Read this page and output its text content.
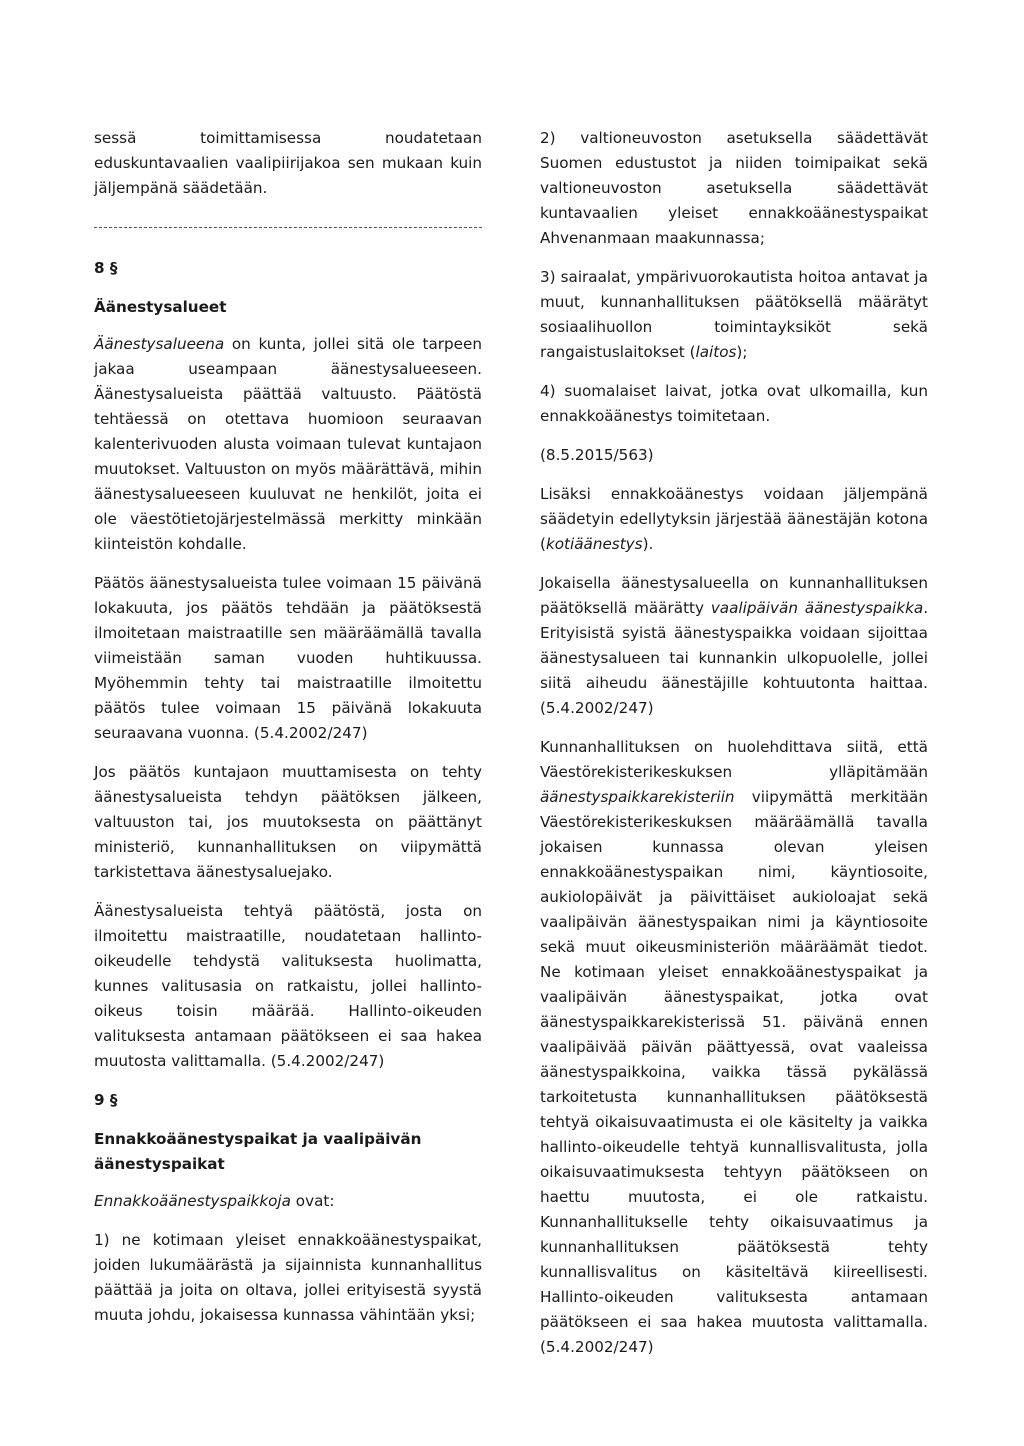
sessä toimittamisessa noudatetaan eduskuntavaalien vaalipiirijakoa sen mukaan kuin jäljempänä säädetään.

8 §
Äänestysalueet

Äänestysalueena on kunta, jollei sitä ole tarpeen jakaa useampaan äänestysalueeseen. Äänestysalueista päättää valtuusto. Päätöstä tehtäessä on otettava huomioon seuraavan kalenterivuoden alusta voimaan tulevat kuntajaon muutokset. Valtuuston on myös määrättävä, mihin äänestysalueeseen kuuluvat ne henkilöt, joita ei ole väestötietojärjestelmässä merkitty minkään kiinteistön kohdalle.

Päätös äänestysalueista tulee voimaan 15 päivänä lokakuuta, jos päätös tehdään ja päätöksestä ilmoitetaan maistraatille sen määräämällä tavalla viimeistään saman vuoden huhtikuussa. Myöhemmin tehty tai maistraatille ilmoitettu päätös tulee voimaan 15 päivänä lokakuuta seuraavana vuonna. (5.4.2002/247)

Jos päätös kuntajaon muuttamisesta on tehty äänestysalueista tehdyn päätöksen jälkeen, valtuuston tai, jos muutoksesta on päättänyt ministeriö, kunnanhallituksen on viipymättä tarkistettava äänestysaluejako.

Äänestysalueista tehtyä päätöstä, josta on ilmoitettu maistraatille, noudatetaan hallinto-oikeudelle tehdystä valituksesta huolimatta, kunnes valitusasia on ratkaistu, jollei hallinto-oikeus toisin määrää. Hallinto-oikeuden valituksesta antamaan päätökseen ei saa hakea muutosta valittamalla. (5.4.2002/247)

9 §
Ennakkoäänestyspaikat ja vaalipäivän äänestyspaikat

Ennakkoäänestyspaikkoja ovat:

1) ne kotimaan yleiset ennakkoäänestyspaikat, joiden lukumäärästä ja sijainnista kunnanhallitus päättää ja joita on oltava, jollei erityisestä syystä muuta johdu, jokaisessa kunnassa vähintään yksi;

2) valtioneuvoston asetuksella säädettävät Suomen edustustot ja niiden toimipaikat sekä valtioneuvoston asetuksella säädettävät kuntavaalien yleiset ennakkoäänestyspaikat Ahvenanmaan maakunnassa;

3) sairaalat, ympärivuorokautista hoitoa antavat ja muut, kunnanhallituksen päätöksellä määrätyt sosiaalihuollon toimintayksiköt sekä rangaistuslaitokset (laitos);

4) suomalaiset laivat, jotka ovat ulkomailla, kun ennakkoäänestys toimitetaan.

(8.5.2015/563)

Lisäksi ennakkoäänestys voidaan jäljempänä säädetyin edellytyksin järjestää äänestäjän kotona (kotiäänestys).

Jokaisella äänestysalueella on kunnanhallituksen päätöksellä määrätty vaalipäivän äänestyspaikka. Erityisistä syistä äänestyspaikka voidaan sijoittaa äänestysalueen tai kunnankin ulkopuolelle, jollei siitä aiheudu äänestäjille kohtuutonta haittaa. (5.4.2002/247)

Kunnanhallituksen on huolehdittava siitä, että Väestörekisterikeskuksen ylläpitämään äänestyspaikkarekisteriin viipymättä merkitään Väestörekisterikeskuksen määräämällä tavalla jokaisen kunnassa olevan yleisen ennakkoäänestyspaikan nimi, käyntiosoite, aukiolopäivät ja päivittäiset aukioloajat sekä vaalipäivän äänestyspaikan nimi ja käyntiosoite sekä muut oikeusministeriön määräämät tiedot. Ne kotimaan yleiset ennakkoäänestyspaikat ja vaalipäivän äänestyspaikat, jotka ovat äänestyspaikkarekisterissä 51. päivänä ennen vaalipäivää päivän päättyessä, ovat vaaleissa äänestyspaikkoina, vaikka tässä pykälässä tarkoitetusta kunnanhallituksen päätöksestä tehtyä oikaisuvaatimusta ei ole käsitelty ja vaikka hallinto-oikeudelle tehtyä kunnallisvalitusta, jolla oikaisuvaatimuksesta tehtyyn päätökseen on haettu muutosta, ei ole ratkaistu. Kunnanhallitukselle tehty oikaisuvaatimus ja kunnanhallituksen päätöksestä tehty kunnallisvalitus on käsiteltävä kiireellisesti. Hallinto-oikeuden valituksesta antamaan päätökseen ei saa hakea muutosta valittamalla. (5.4.2002/247)
